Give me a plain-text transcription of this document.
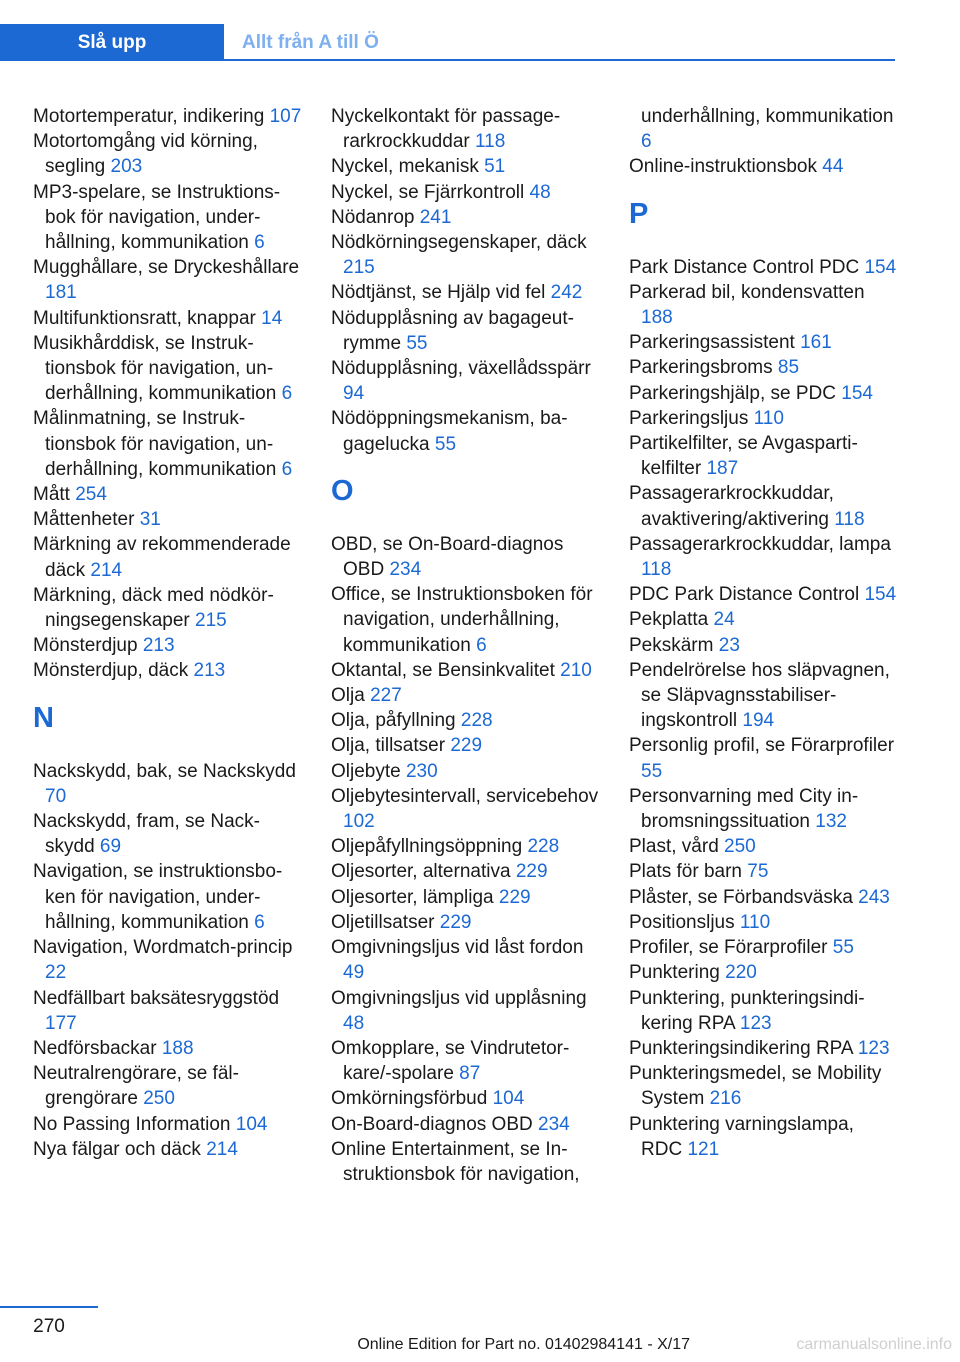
Slå upp	Allt från A till Ö

Motortemperatur, indikering 107

Motortomgång vid körning, segling 203

MP3-spelare, se Instruktionsbok för navigation, underhållning, kommunikation 6

Mugghållare, se Dryckeshållare 181

Multifunktionsratt, knappar 14

Musikhårddisk, se Instruktionsbok för navigation, underhållning, kommunikation 6

Målinmatning, se Instruktionsbok för navigation, underhållning, kommunikation 6

Mått 254

Måttenheter 31

Märkning av rekommenderade däck 214

Märkning, däck med nödkörningsegenskaper 215

Mönsterdjup 213

Mönsterdjup, däck 213

N

Nackskydd, bak, se Nackskydd 70

Nackskydd, fram, se Nackskydd 69

Navigation, se instruktionsboken för navigation, underhållning, kommunikation 6

Navigation, Wordmatch-princip 22

Nedfällbart baksätesryggstöd 177

Nedförsbackar 188

Neutralrengörare, se fälgrengörare 250

No Passing Information 104

Nya fälgar och däck 214

Nyckelkontakt för passagerarkrockkuddar 118

Nyckel, mekanisk 51

Nyckel, se Fjärrkontroll 48

Nödanrop 241

Nödkörningsegenskaper, däck 215

Nödtjänst, se Hjälp vid fel 242

Nödupplåsning av bagageutrymme 55

Nödupplåsning, växellådsspärr 94

Nödöppningsmekanism, bagagelucka 55

O

OBD, se On-Board-diagnos OBD 234

Office, se Instruktionsboken för navigation, underhållning, kommunikation 6

Oktantal, se Bensinkvalitet 210

Olja 227

Olja, påfyllning 228

Olja, tillsatser 229

Oljebyte 230

Oljebytesintervall, servicebehov 102

Oljepåfyllningsöppning 228

Oljesorter, alternativa 229

Oljesorter, lämpliga 229

Oljetillsatser 229

Omgivningsljus vid låst fordon 49

Omgivningsljus vid upplåsning 48

Omkopplare, se Vindrutetorkare/-spolare 87

Omkörningsförbud 104

On-Board-diagnos OBD 234

Online Entertainment, se Instruktionsbok för navigation,

underhållning, kommunikation 6

Online-instruktionsbok 44

P

Park Distance Control PDC 154

Parkerad bil, kondensvatten 188

Parkeringsassistent 161

Parkeringsbroms 85

Parkeringshjälp, se PDC 154

Parkeringsljus 110

Partikelfilter, se Avgaspartikelfilter 187

Passagerarkrockkuddar, avaktivering/aktivering 118

Passagerarkrockkuddar, lampa 118

PDC Park Distance Control 154

Pekplatta 24

Pekskärm 23

Pendelrörelse hos släpvagnen, se Släpvagnsstabiliseringskontroll 194

Personlig profil, se Förarprofiler 55

Personvarning med City inbromsningssituation 132

Plast, vård 250

Plats för barn 75

Plåster, se Förbandsväska 243

Positionsljus 110

Profiler, se Förarprofiler 55

Punktering 220

Punktering, punkteringsindikering RPA 123

Punkteringsindikering RPA 123

Punkteringsmedel, se Mobility System 216

Punktering varningslampa, RDC 121

270
Online Edition for Part no. 01402984141 - X/17	carmanualsonline.info
